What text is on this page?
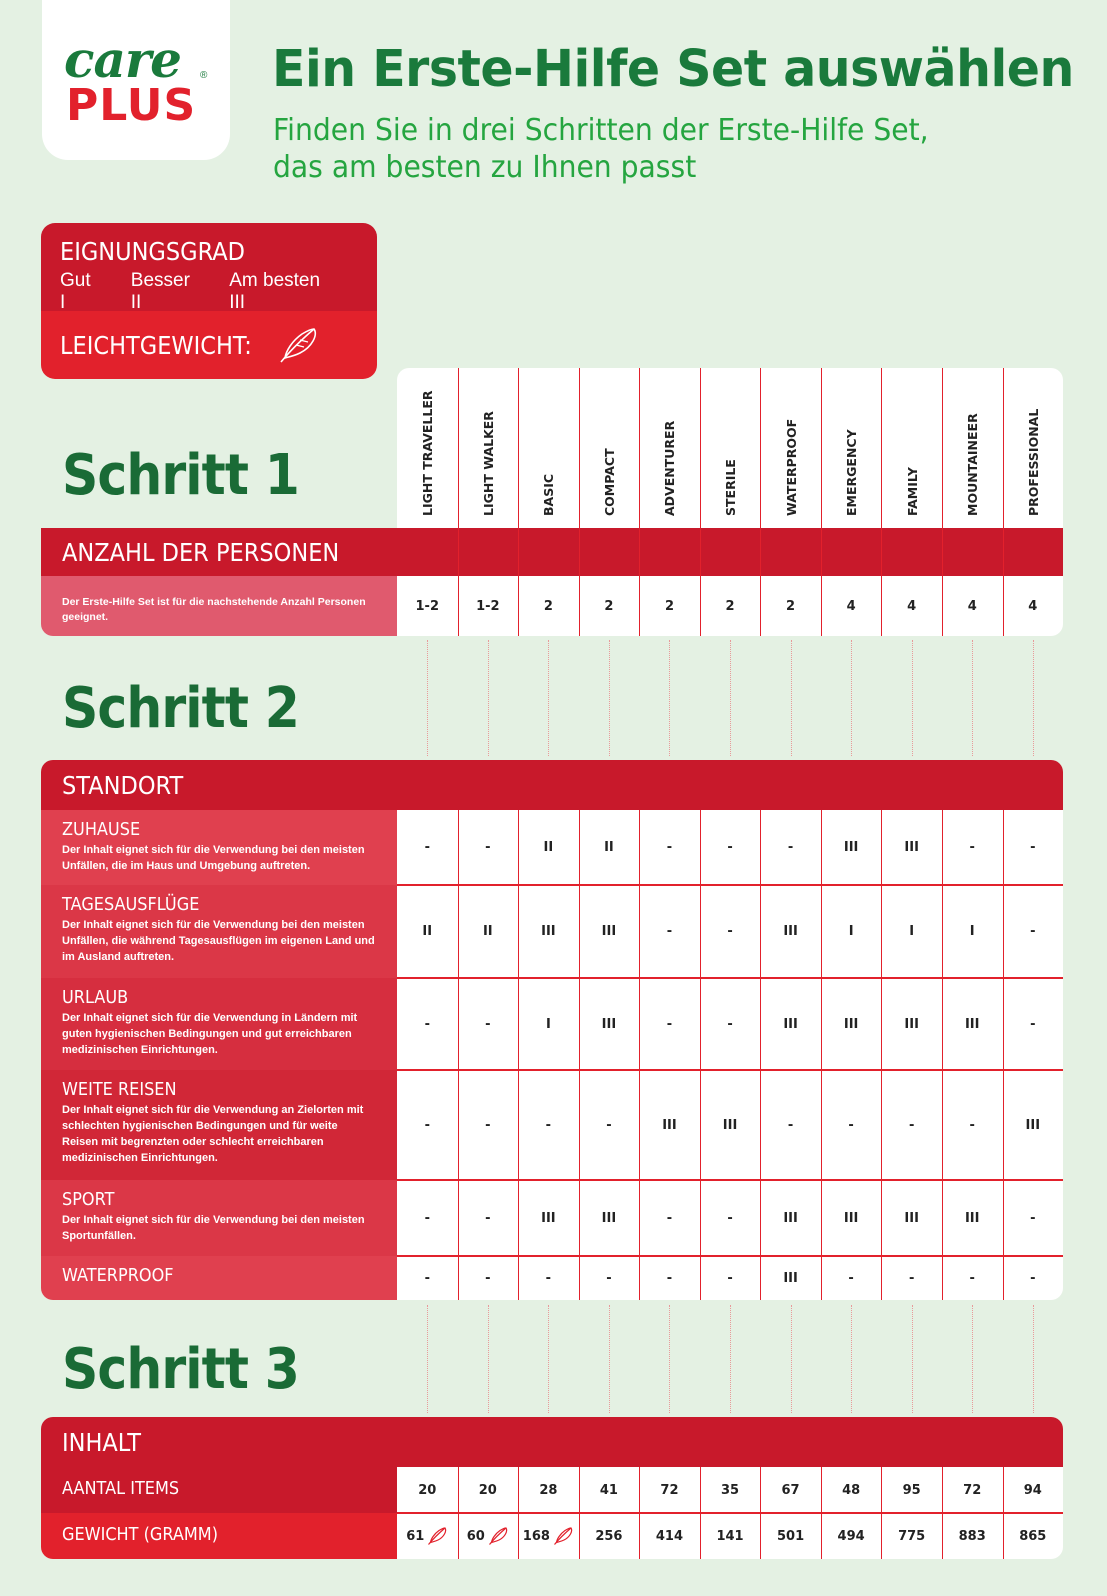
care ®
PLUS
Ein Erste-Hilfe Set auswählen
Finden Sie in drei Schritten der Erste-Hilfe Set,
das am besten zu Ihnen passt
EIGNUNGSGRAD
Gut I
Besser II
Am besten III
LEICHTGEWICHT:
Schritt 1
Schritt 2
Schritt 3
LIGHT TRAVELLER	LIGHT WALKER	BASIC	COMPACT	ADVENTURER	STERILE	WATERPROOF	EMERGENCY	FAMILY	MOUNTAINEER	PROFESSIONAL
ANZAHL DER PERSONEN
Der Erste-Hilfe Set ist für die nachstehende Anzahl Personen geeignet.
1-2	1-2	2	2	2	2	2	4	4	4	4
STANDORT
ZUHAUSE
Der Inhalt eignet sich für die Verwendung bei den meisten Unfällen, die im Haus und Umgebung auftreten.
-	-	II	II	-	-	-	III	III	-	-
TAGESAUSFLÜGE
Der Inhalt eignet sich für die Verwendung bei den meisten Unfällen, die während Tagesausflügen im eigenen Land und im Ausland auftreten.
II	II	III	III	-	-	III	I	I	I	-
URLAUB
Der Inhalt eignet sich für die Verwendung in Ländern mit guten hygienischen Bedingungen und gut erreichbaren medizinischen Einrichtungen.
-	-	I	III	-	-	III	III	III	III	-
WEITE REISEN
Der Inhalt eignet sich für die Verwendung an Zielorten mit schlechten hygienischen Bedingungen und für weite Reisen mit begrenzten oder schlecht erreichbaren medizinischen Einrichtungen.
-	-	-	-	III	III	-	-	-	-	III
SPORT
Der Inhalt eignet sich für die Verwendung bei den meisten Sportunfällen.
-	-	III	III	-	-	III	III	III	III	-
WATERPROOF	-	-	-	-	-	-	III	-	-	-	-
INHALT
AANTAL ITEMS	20	20	28	41	72	35	67	48	95	72	94
GEWICHT (GRAMM)	61	60	168	256	414	141	501	494	775	883	865
